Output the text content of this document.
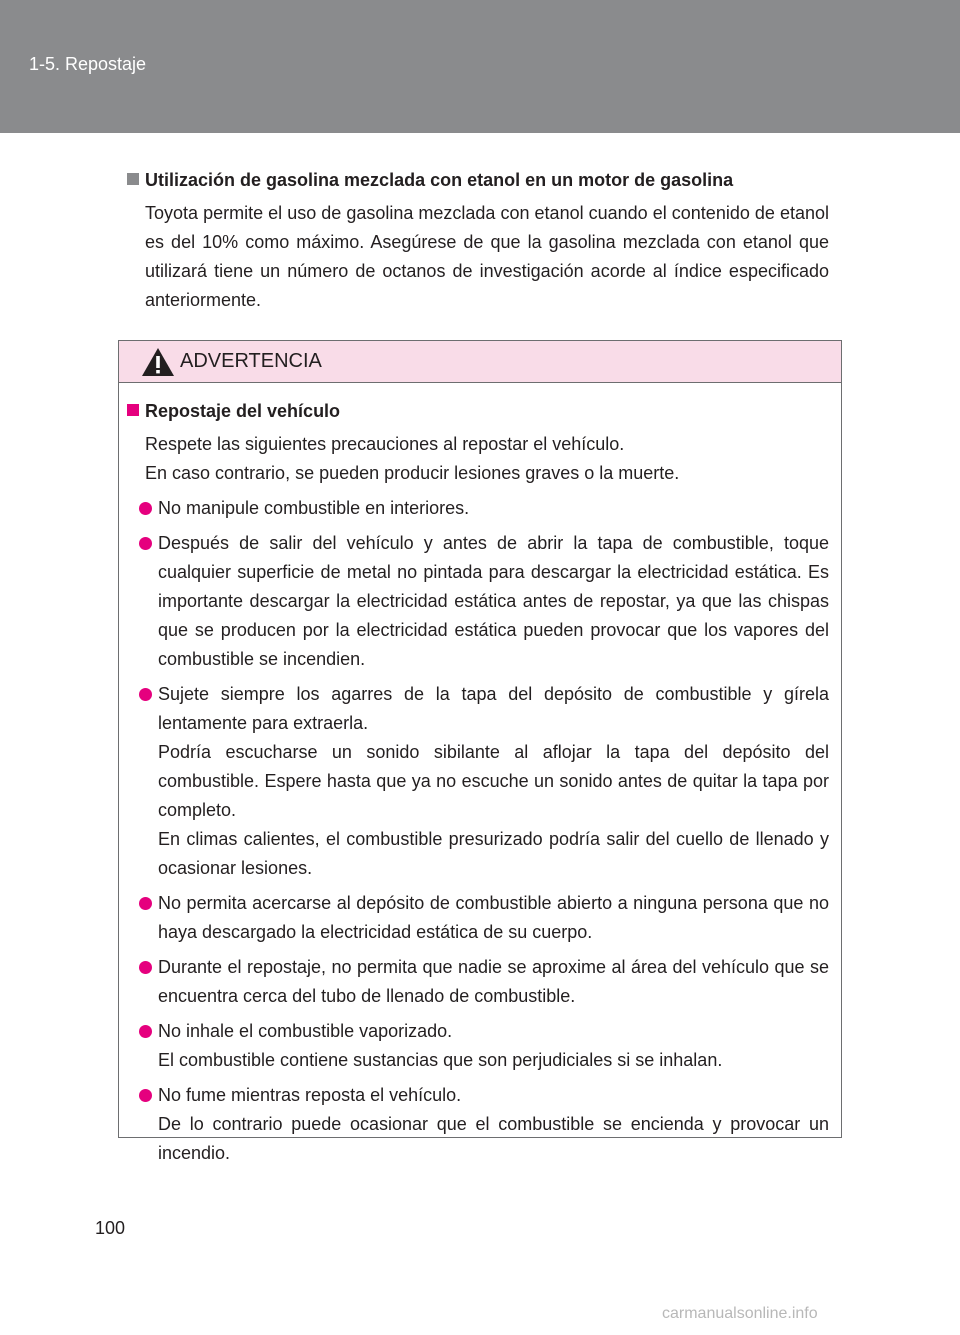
1-5. Repostaje
Utilización de gasolina mezclada con etanol en un motor de gasolina
Toyota permite el uso de gasolina mezclada con etanol cuando el contenido de etanol es del 10% como máximo. Asegúrese de que la gasolina mezclada con etanol que utilizará tiene un número de octanos de investigación acorde al índice especificado anteriormente.
ADVERTENCIA
Repostaje del vehículo
Respete las siguientes precauciones al repostar el vehículo.
En caso contrario, se pueden producir lesiones graves o la muerte.
No manipule combustible en interiores.
Después de salir del vehículo y antes de abrir la tapa de combustible, toque cualquier superficie de metal no pintada para descargar la electricidad estática. Es importante descargar la electricidad estática antes de repostar, ya que las chispas que se producen por la electricidad estática pueden provocar que los vapores del combustible se incendien.
Sujete siempre los agarres de la tapa del depósito de combustible y gírela lentamente para extraerla.
Podría escucharse un sonido sibilante al aflojar la tapa del depósito del combustible. Espere hasta que ya no escuche un sonido antes de quitar la tapa por completo.
En climas calientes, el combustible presurizado podría salir del cuello de llenado y ocasionar lesiones.
No permita acercarse al depósito de combustible abierto a ninguna persona que no haya descargado la electricidad estática de su cuerpo.
Durante el repostaje, no permita que nadie se aproxime al área del vehículo que se encuentra cerca del tubo de llenado de combustible.
No inhale el combustible vaporizado.
El combustible contiene sustancias que son perjudiciales si se inhalan.
No fume mientras reposta el vehículo.
De lo contrario puede ocasionar que el combustible se encienda y provocar un incendio.
100
carmanualsonline.info
